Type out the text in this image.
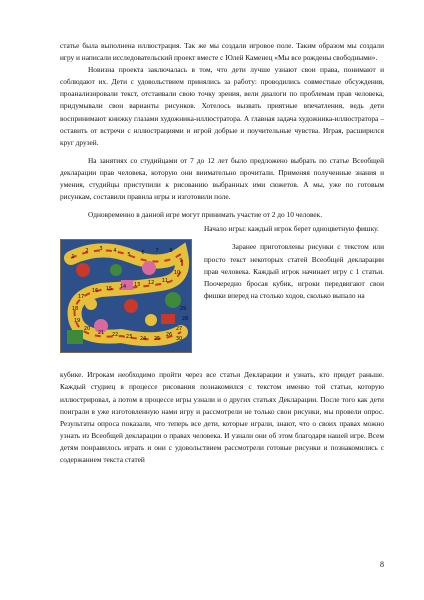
статье была выполнена иллюстрация. Так же мы создали игровое поле. Таким образом мы создали игру и написали исследовательский проект вместе с Юлей Каменец «Мы все рождены свободными».

Новизна проекта заключалась в том, что дети лучше узнают свои права, понимают и соблюдают их. Дети с удовольствием принялись за работу: проводились совместные обсуждения, проанализировали текст, отстаивали свою точку зрения, вели диалоги по проблемам прав человека, придумывали свои варианты рисунков. Хотелось вызвать приятные впечатления, ведь дети воспринимают книжку глазами художника-иллюстратора. А главная задача художника-иллюстратора – оставить от встречи с иллюстрациями и игрой добрые и поучительные чувства. Играя, расширился круг друзей.

На занятиях со студийцами от 7 до 12 лет было предложено выбрать по статье Всеобщей декларации прав человека, которую они внимательно прочитали. Применяя полученные знания и умения, студийцы приступили к рисованию выбранных ими сюжетов. А мы, уже по готовым рисункам, составили правила игры и изготовили поле.

Одновременно в данной игре могут принимать участие от 2 до 10 человек.

1
2 3 4
5 6 7 8
9
10
11
12
13
14
15
16
17
18
19
20
21 22 23 24 25
26
27
28
29
30

Начало игры: каждый игрок берет одноцветную фишку.

Заранее приготовлены рисунки с текстом или просто текст некоторых статей Всеобщей декларации прав человека. Каждый игрок начинает игру с 1 статьи. Поочередно бросая кубик, игроки передвигают свои фишки вперед на столько ходов, сколько выпало на

кубике. Игрокам необходимо пройти через все статьи Декларации и узнать, кто придет раньше. Каждый студиец в процессе рисования познакомился с текстом именно той статьи, которую иллюстрировал, а потом в процессе игры узнали и о других статьях Декларации. После того как дети поиграли в уже изготовленную нами игру и рассмотрели не только свои рисунки, мы провели опрос. Результаты опроса показали, что теперь все дети, которые играли, знают, что о своих правах можно узнать из Всеобщей декларации о правах человека. И узнали они об этом благодаря нашей игре. Всем детям понравилось играть и они с удовольствием рассмотрели готовые рисунки и познакомились с содержанием текста статей

8
